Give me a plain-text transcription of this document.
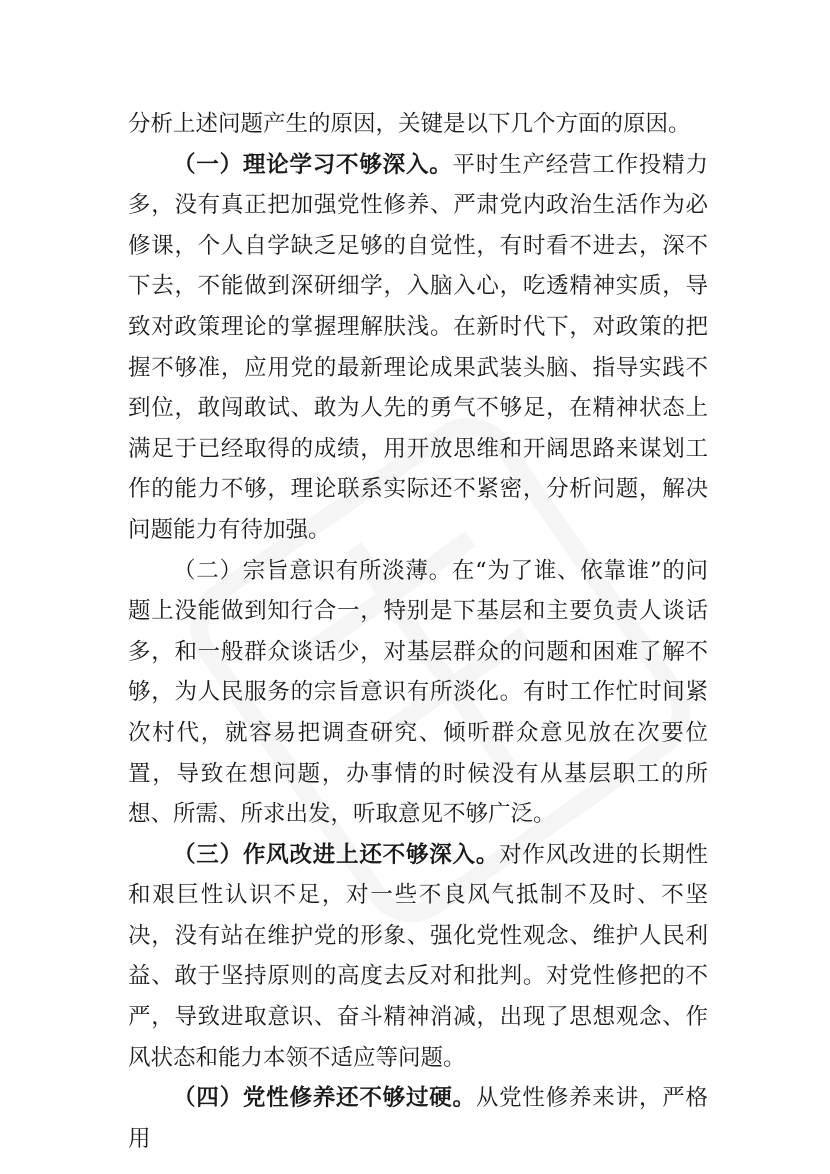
分析上述问题产生的原因，关键是以下几个方面的原因。

（一）理论学习不够深入。平时生产经营工作投精力多，没有真正把加强党性修养、严肃党内政治生活作为必修课，个人自学缺乏足够的自觉性，有时看不进去，深不下去，不能做到深研细学，入脑入心，吃透精神实质，导致对政策理论的掌握理解肤浅。在新时代下，对政策的把握不够准，应用党的最新理论成果武装头脑、指导实践不到位，敢闯敢试、敢为人先的勇气不够足，在精神状态上满足于已经取得的成绩，用开放思维和开阔思路来谋划工作的能力不够，理论联系实际还不紧密，分析问题，解决问题能力有待加强。

（二）宗旨意识有所淡薄。在“为了谁、依靠谁”的问题上没能做到知行合一，特别是下基层和主要负责人谈话多，和一般群众谈话少，对基层群众的问题和困难了解不够，为人民服务的宗旨意识有所淡化。有时工作忙时间紧次村代，就容易把调查研究、倾听群众意见放在次要位置，导致在想问题，办事情的时候没有从基层职工的所想、所需、所求出发，听取意见不够广泛。

（三）作风改进上还不够深入。对作风改进的长期性和艰巨性认识不足，对一些不良风气抵制不及时、不坚决，没有站在维护党的形象、强化党性观念、维护人民利益、敢于坚持原则的高度去反对和批判。对党性修把的不严，导致进取意识、奋斗精神消减，出现了思想观念、作风状态和能力本领不适应等问题。

（四）党性修养还不够过硬。从党性修养来讲，严格用
